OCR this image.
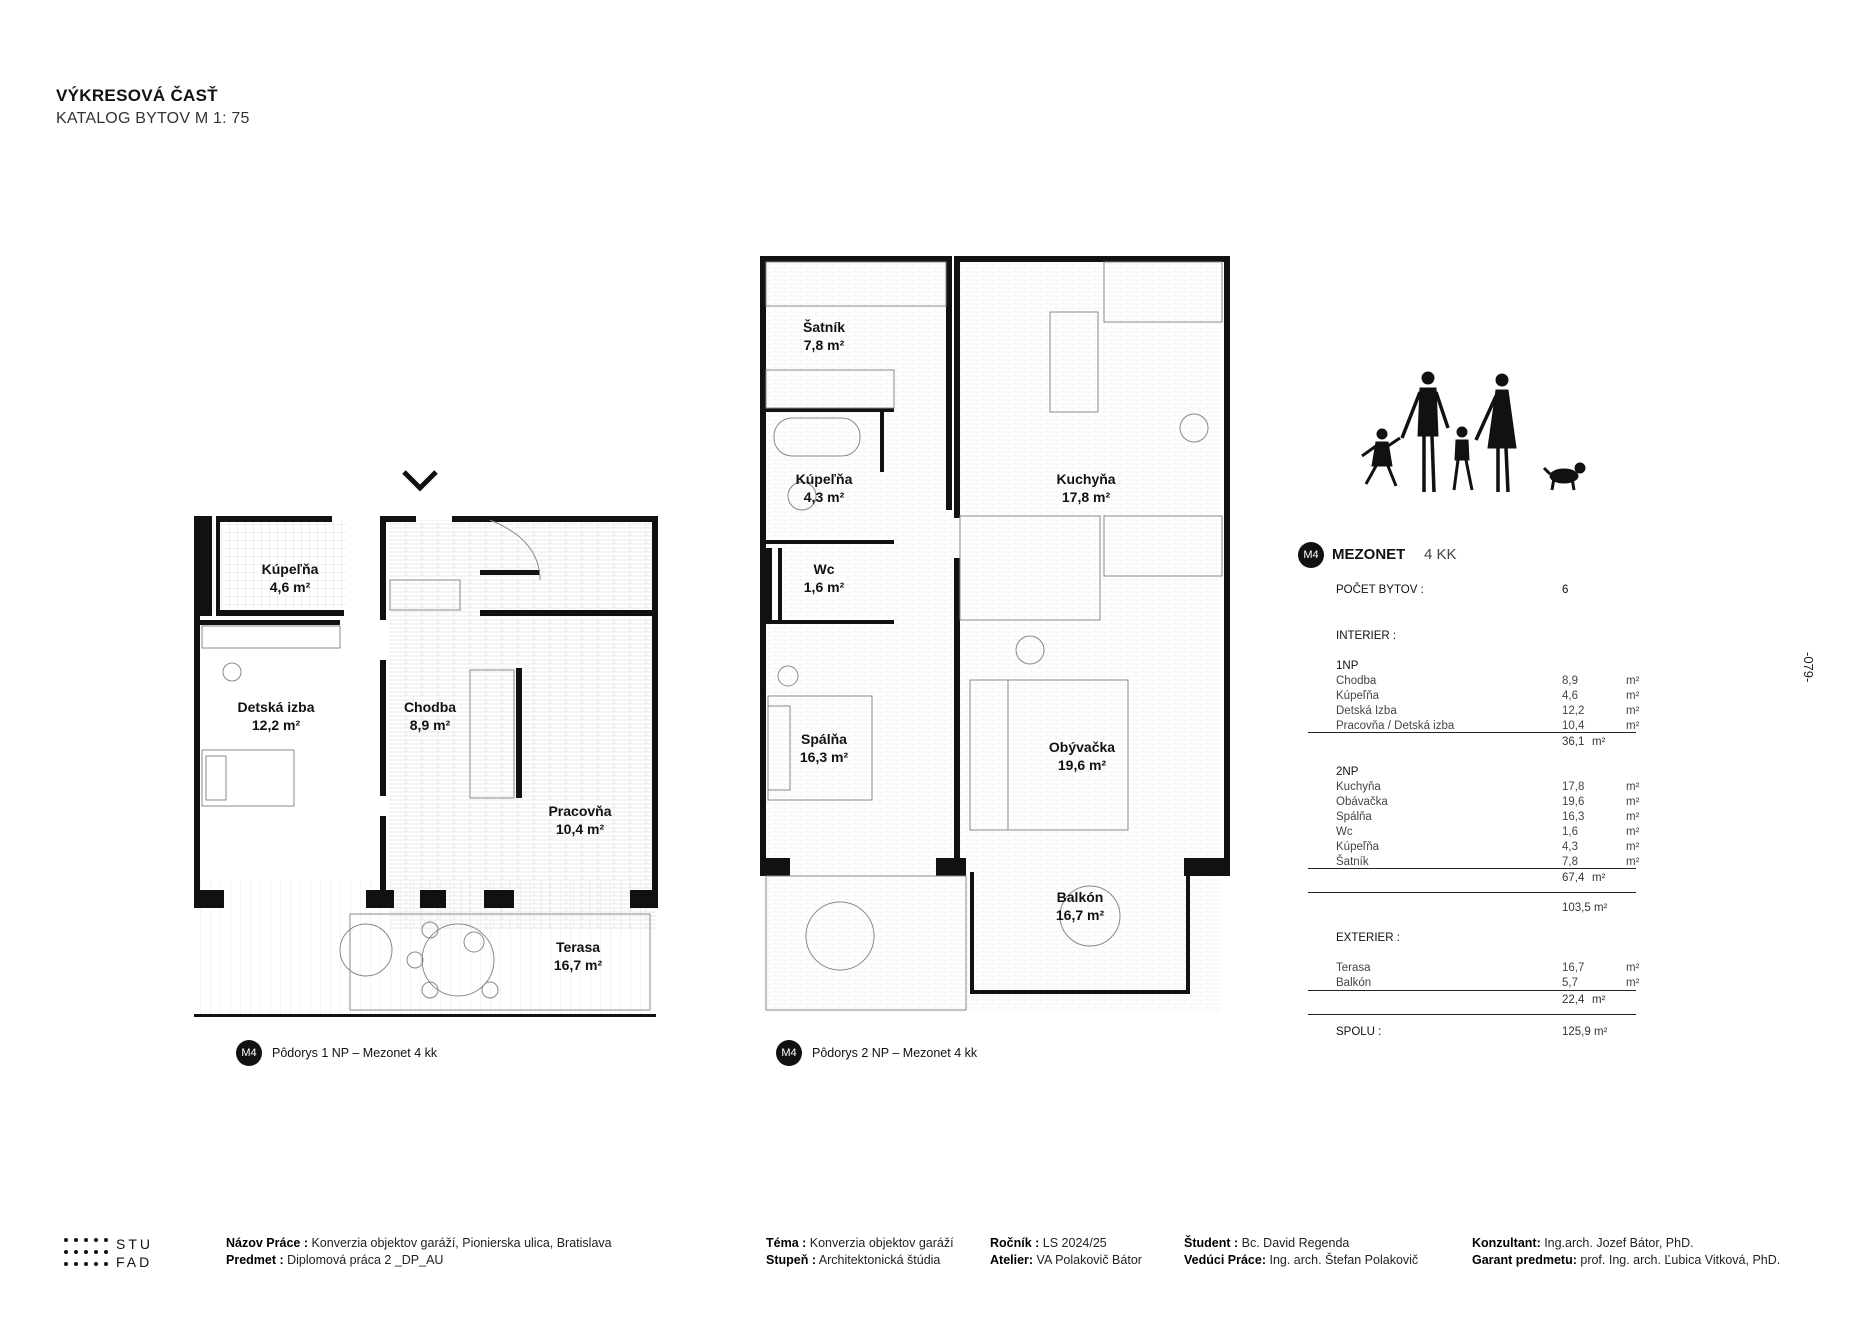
VÝKRESOVÁ ČASŤ
KATALOG BYTOV M 1: 75
-079-
Kúpeľňa
4,6 m²
Detská izba
12,2 m²
Chodba
8,9 m²
Pracovňa
10,4 m²
Terasa
16,7 m²
M4	Pôdorys 1 NP – Mezonet 4 kk
Šatník
7,8 m²
Kúpeľňa
4,3 m²
Wc
1,6 m²
Kuchyňa
17,8 m²
Spálňa
16,3 m²
Obývačka
19,6 m²
Balkón
16,7 m²
M4	Pôdorys 2 NP – Mezonet 4 kk
M4 MEZONET 4 KK
POČET BYTOV :	6
INTERIER :
1NP
Chodba	8,9	m²
Kúpeľňa	4,6	m²
Detská Izba	12,2	m²
Pracovňa / Detská izba	10,4	m²
36,1 m²
2NP
Kuchyňa	17,8	m²
Obávačka	19,6	m²
Spálňa	16,3	m²
Wc	1,6	m²
Kúpeľňa	4,3	m²
Šatník	7,8	m²
67,4 m²
103,5 m²
EXTERIER :
Terasa	16,7	m²
Balkón	5,7	m²
22,4 m²
SPOLU :	125,9 m²
STU
FAD
Názov Práce : Konverzia objektov garáží, Pionierska ulica, Bratislava
Predmet : Diplomová práca 2 _DP_AU
Téma : Konverzia objektov garáží
Stupeň : Architektonická štúdia
Ročník : LS 2024/25
Atelier: VA Polakovič Bátor
Študent : Bc. David Regenda
Vedúci Práce: Ing. arch. Štefan Polakovič
Konzultant: Ing.arch. Jozef Bátor, PhD.
Garant predmetu: prof. Ing. arch. Ľubica Vitková, PhD.
